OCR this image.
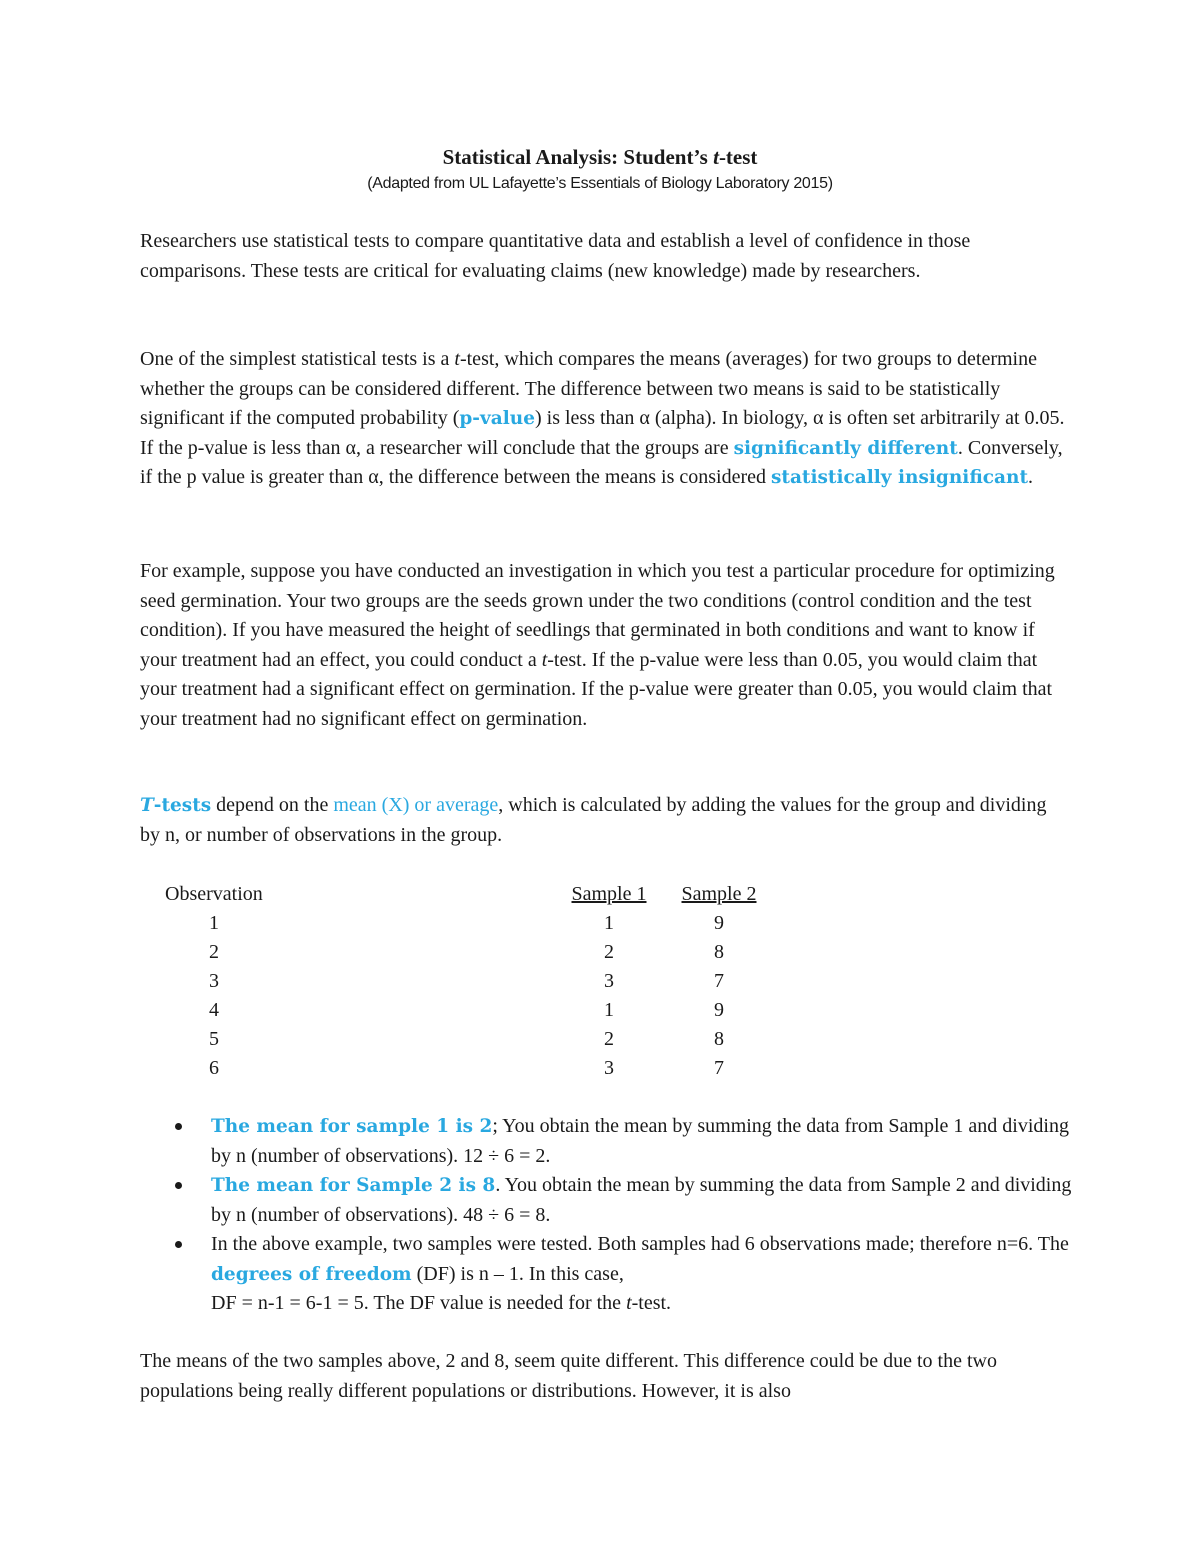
Statistical Analysis: Student’s t-test
(Adapted from UL Lafayette’s Essentials of Biology Laboratory 2015)

Researchers use statistical tests to compare quantitative data and establish a level of confidence in those comparisons. These tests are critical for evaluating claims (new knowledge) made by researchers.

One of the simplest statistical tests is a t-test, which compares the means (averages) for two groups to determine whether the groups can be considered different. The difference between two means is said to be statistically significant if the computed probability (p-value) is less than α (alpha). In biology, α is often set arbitrarily at 0.05. If the p-value is less than α, a researcher will conclude that the groups are significantly different. Conversely, if the p value is greater than α, the difference between the means is considered statistically insignificant.

For example, suppose you have conducted an investigation in which you test a particular procedure for optimizing seed germination. Your two groups are the seeds grown under the two conditions (control condition and the test condition). If you have measured the height of seedlings that germinated in both conditions and want to know if your treatment had an effect, you could conduct a t-test. If the p-value were less than 0.05, you would claim that your treatment had a significant effect on germination. If the p-value were greater than 0.05, you would claim that your treatment had no significant effect on germination.

T-tests depend on the mean (X) or average, which is calculated by adding the values for the group and dividing by n, or number of observations in the group.

Observation		Sample 1	Sample 2
1		1	9
2		2	8
3		3	7
4		1	9
5		2	8
6		3	7
The mean for sample 1 is 2; You obtain the mean by summing the data from Sample 1 and dividing by n (number of observations). 12 ÷ 6 = 2.
The mean for Sample 2 is 8. You obtain the mean by summing the data from Sample 2 and dividing by n (number of observations). 48 ÷ 6 = 8.
In the above example, two samples were tested. Both samples had 6 observations made; therefore n=6. The degrees of freedom (DF) is n – 1. In this case,
DF = n-1 = 6-1 = 5. The DF value is needed for the t-test.

The means of the two samples above, 2 and 8, seem quite different. This difference could be due to the two populations being really different populations or distributions. However, it is also
